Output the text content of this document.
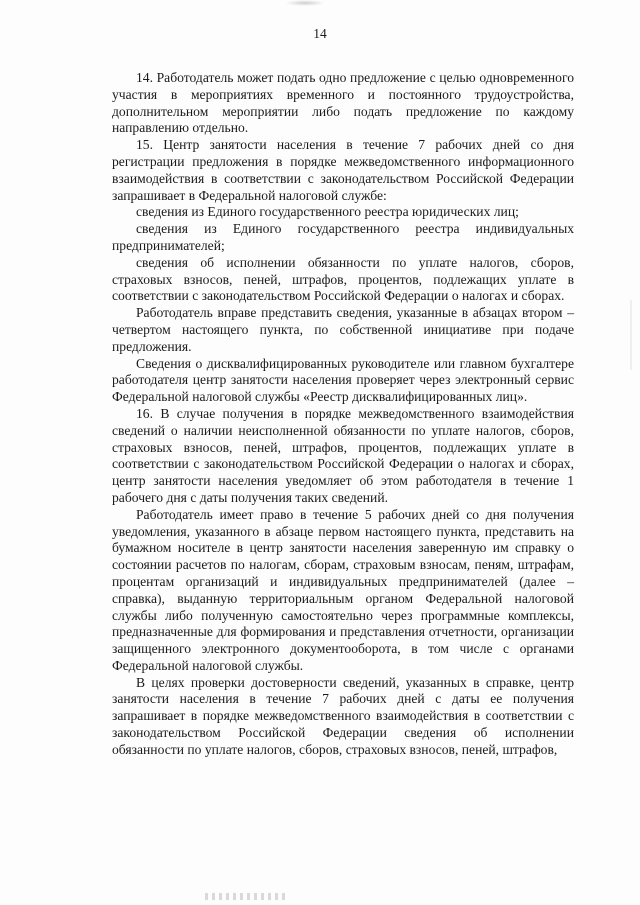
14

14. Работодатель может подать одно предложение с целью одновременного участия в мероприятиях временного и постоянного трудоустройства, дополнительном мероприятии либо подать предложение по каждому направлению отдельно.

15. Центр занятости населения в течение 7 рабочих дней со дня регистрации предложения в порядке межведомственного информационного взаимодействия в соответствии с законодательством Российской Федерации запрашивает в Федеральной налоговой службе:

сведения из Единого государственного реестра юридических лиц;

сведения из Единого государственного реестра индивидуальных предпринимателей;

сведения об исполнении обязанности по уплате налогов, сборов, страховых взносов, пеней, штрафов, процентов, подлежащих уплате в соответствии с законодательством Российской Федерации о налогах и сборах.

Работодатель вправе представить сведения, указанные в абзацах втором – четвертом настоящего пункта, по собственной инициативе при подаче предложения.

Сведения о дисквалифицированных руководителе или главном бухгалтере работодателя центр занятости населения проверяет через электронный сервис Федеральной налоговой службы «Реестр дисквалифицированных лиц».

16. В случае получения в порядке межведомственного взаимодействия сведений о наличии неисполненной обязанности по уплате налогов, сборов, страховых взносов, пеней, штрафов, процентов, подлежащих уплате в соответствии с законодательством Российской Федерации о налогах и сборах, центр занятости населения уведомляет об этом работодателя в течение 1 рабочего дня с даты получения таких сведений.

Работодатель имеет право в течение 5 рабочих дней со дня получения уведомления, указанного в абзаце первом настоящего пункта, представить на бумажном носителе в центр занятости населения заверенную им справку о состоянии расчетов по налогам, сборам, страховым взносам, пеням, штрафам, процентам организаций и индивидуальных предпринимателей (далее – справка), выданную территориальным органом Федеральной налоговой службы либо полученную самостоятельно через программные комплексы, предназначенные для формирования и представления отчетности, организации защищенного электронного документооборота, в том числе с органами Федеральной налоговой службы.

В целях проверки достоверности сведений, указанных в справке, центр занятости населения в течение 7 рабочих дней с даты ее получения запрашивает в порядке межведомственного взаимодействия в соответствии с законодательством Российской Федерации сведения об исполнении обязанности по уплате налогов, сборов, страховых взносов, пеней, штрафов,
